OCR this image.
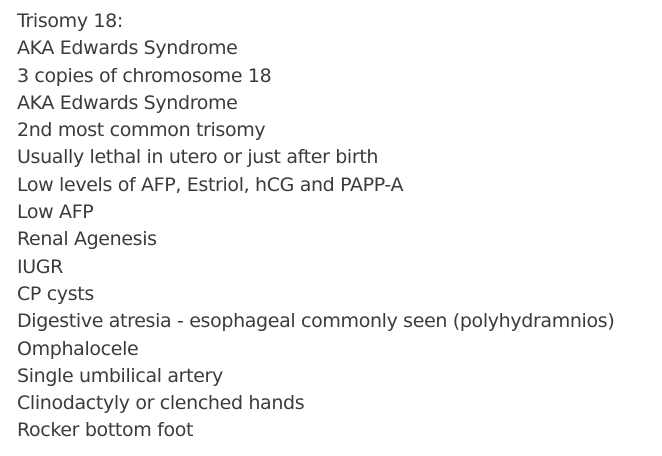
Trisomy 18:
AKA Edwards Syndrome
3 copies of chromosome 18
AKA Edwards Syndrome
2nd most common trisomy
Usually lethal in utero or just after birth
Low levels of AFP, Estriol, hCG and PAPP-A
Low AFP
Renal Agenesis
IUGR
CP cysts
Digestive atresia - esophageal commonly seen (polyhydramnios)
Omphalocele
Single umbilical artery
Clinodactyly or clenched hands
Rocker bottom foot
